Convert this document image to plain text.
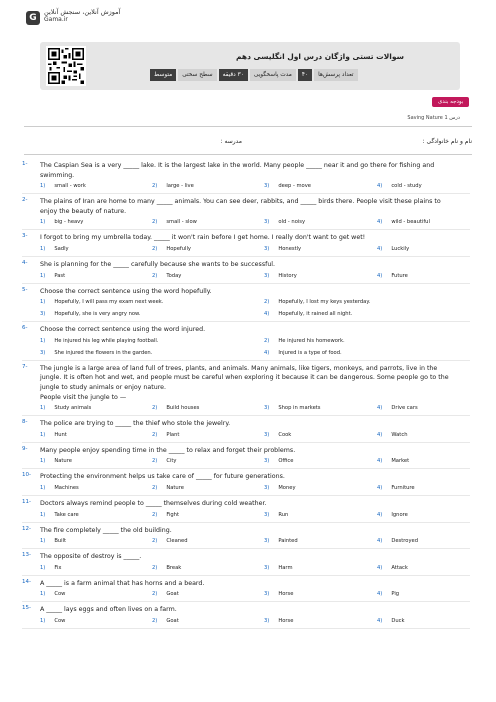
G
آموزش آنلاین، سنجش آنلاین
Gama.ir
سوالات تستی واژگان درس اول انگلیسی دهم
تعداد پرسش‌ها
۴۰
مدت پاسخگویی
۳۰ دقیقه
سطح سختی
متوسط
بودجه بندی
درس 1 Saving Nature
نام و نام خانوادگی :
مدرسه :
1- The Caspian Sea is a very _____ lake. It is the largest lake in the world. Many people _____ near it and go there for fishing and
swimming.
1) small - work	2) large - live	3) deep - move	4) cold - study
2- The plains of Iran are home to many _____ animals. You can see deer, rabbits, and _____ birds there. People visit these plains to
enjoy the beauty of nature.
1) big - heavy	2) small - slow	3) old - noisy	4) wild - beautiful
3- I forgot to bring my umbrella today. _____ it won't rain before I get home. I really don't want to get wet!
1) Sadly	2) Hopefully	3) Honestly	4) Luckily
4- She is planning for the _____ carefully because she wants to be successful.
1) Past	2) Today	3) History	4) Future
5- Choose the correct sentence using the word hopefully.
1) Hopefully, I will pass my exam next week.	2) Hopefully, I lost my keys yesterday.
3) Hopefully, she is very angry now.	4) Hopefully, it rained all night.
6- Choose the correct sentence using the word injured.
1) He injured his leg while playing football.	2) He injured his homework.
3) She injured the flowers in the garden.	4) Injured is a type of food.
7- The jungle is a large area of land full of trees, plants, and animals. Many animals, like tigers, monkeys, and parrots, live in the
jungle. It is often hot and wet, and people must be careful when exploring it because it can be dangerous. Some people go to the
jungle to study animals or enjoy nature.
People visit the jungle to —
1) Study animals	2) Build houses	3) Shop in markets	4) Drive cars
8- The police are trying to _____ the thief who stole the jewelry.
1) Hunt	2) Plant	3) Cook	4) Watch
9- Many people enjoy spending time in the _____ to relax and forget their problems.
1) Nature	2) City	3) Office	4) Market
10- Protecting the environment helps us take care of _____ for future generations.
1) Machines	2) Nature	3) Money	4) Furniture
11- Doctors always remind people to _____ themselves during cold weather.
1) Take care	2) Fight	3) Run	4) Ignore
12- The fire completely _____ the old building.
1) Built	2) Cleaned	3) Painted	4) Destroyed
13- The opposite of destroy is _____.
1) Fix	2) Break	3) Harm	4) Attack
14- A _____ is a farm animal that has horns and a beard.
1) Cow	2) Goat	3) Horse	4) Pig
15- A _____ lays eggs and often lives on a farm.
1) Cow	2) Goat	3) Horse	4) Duck
